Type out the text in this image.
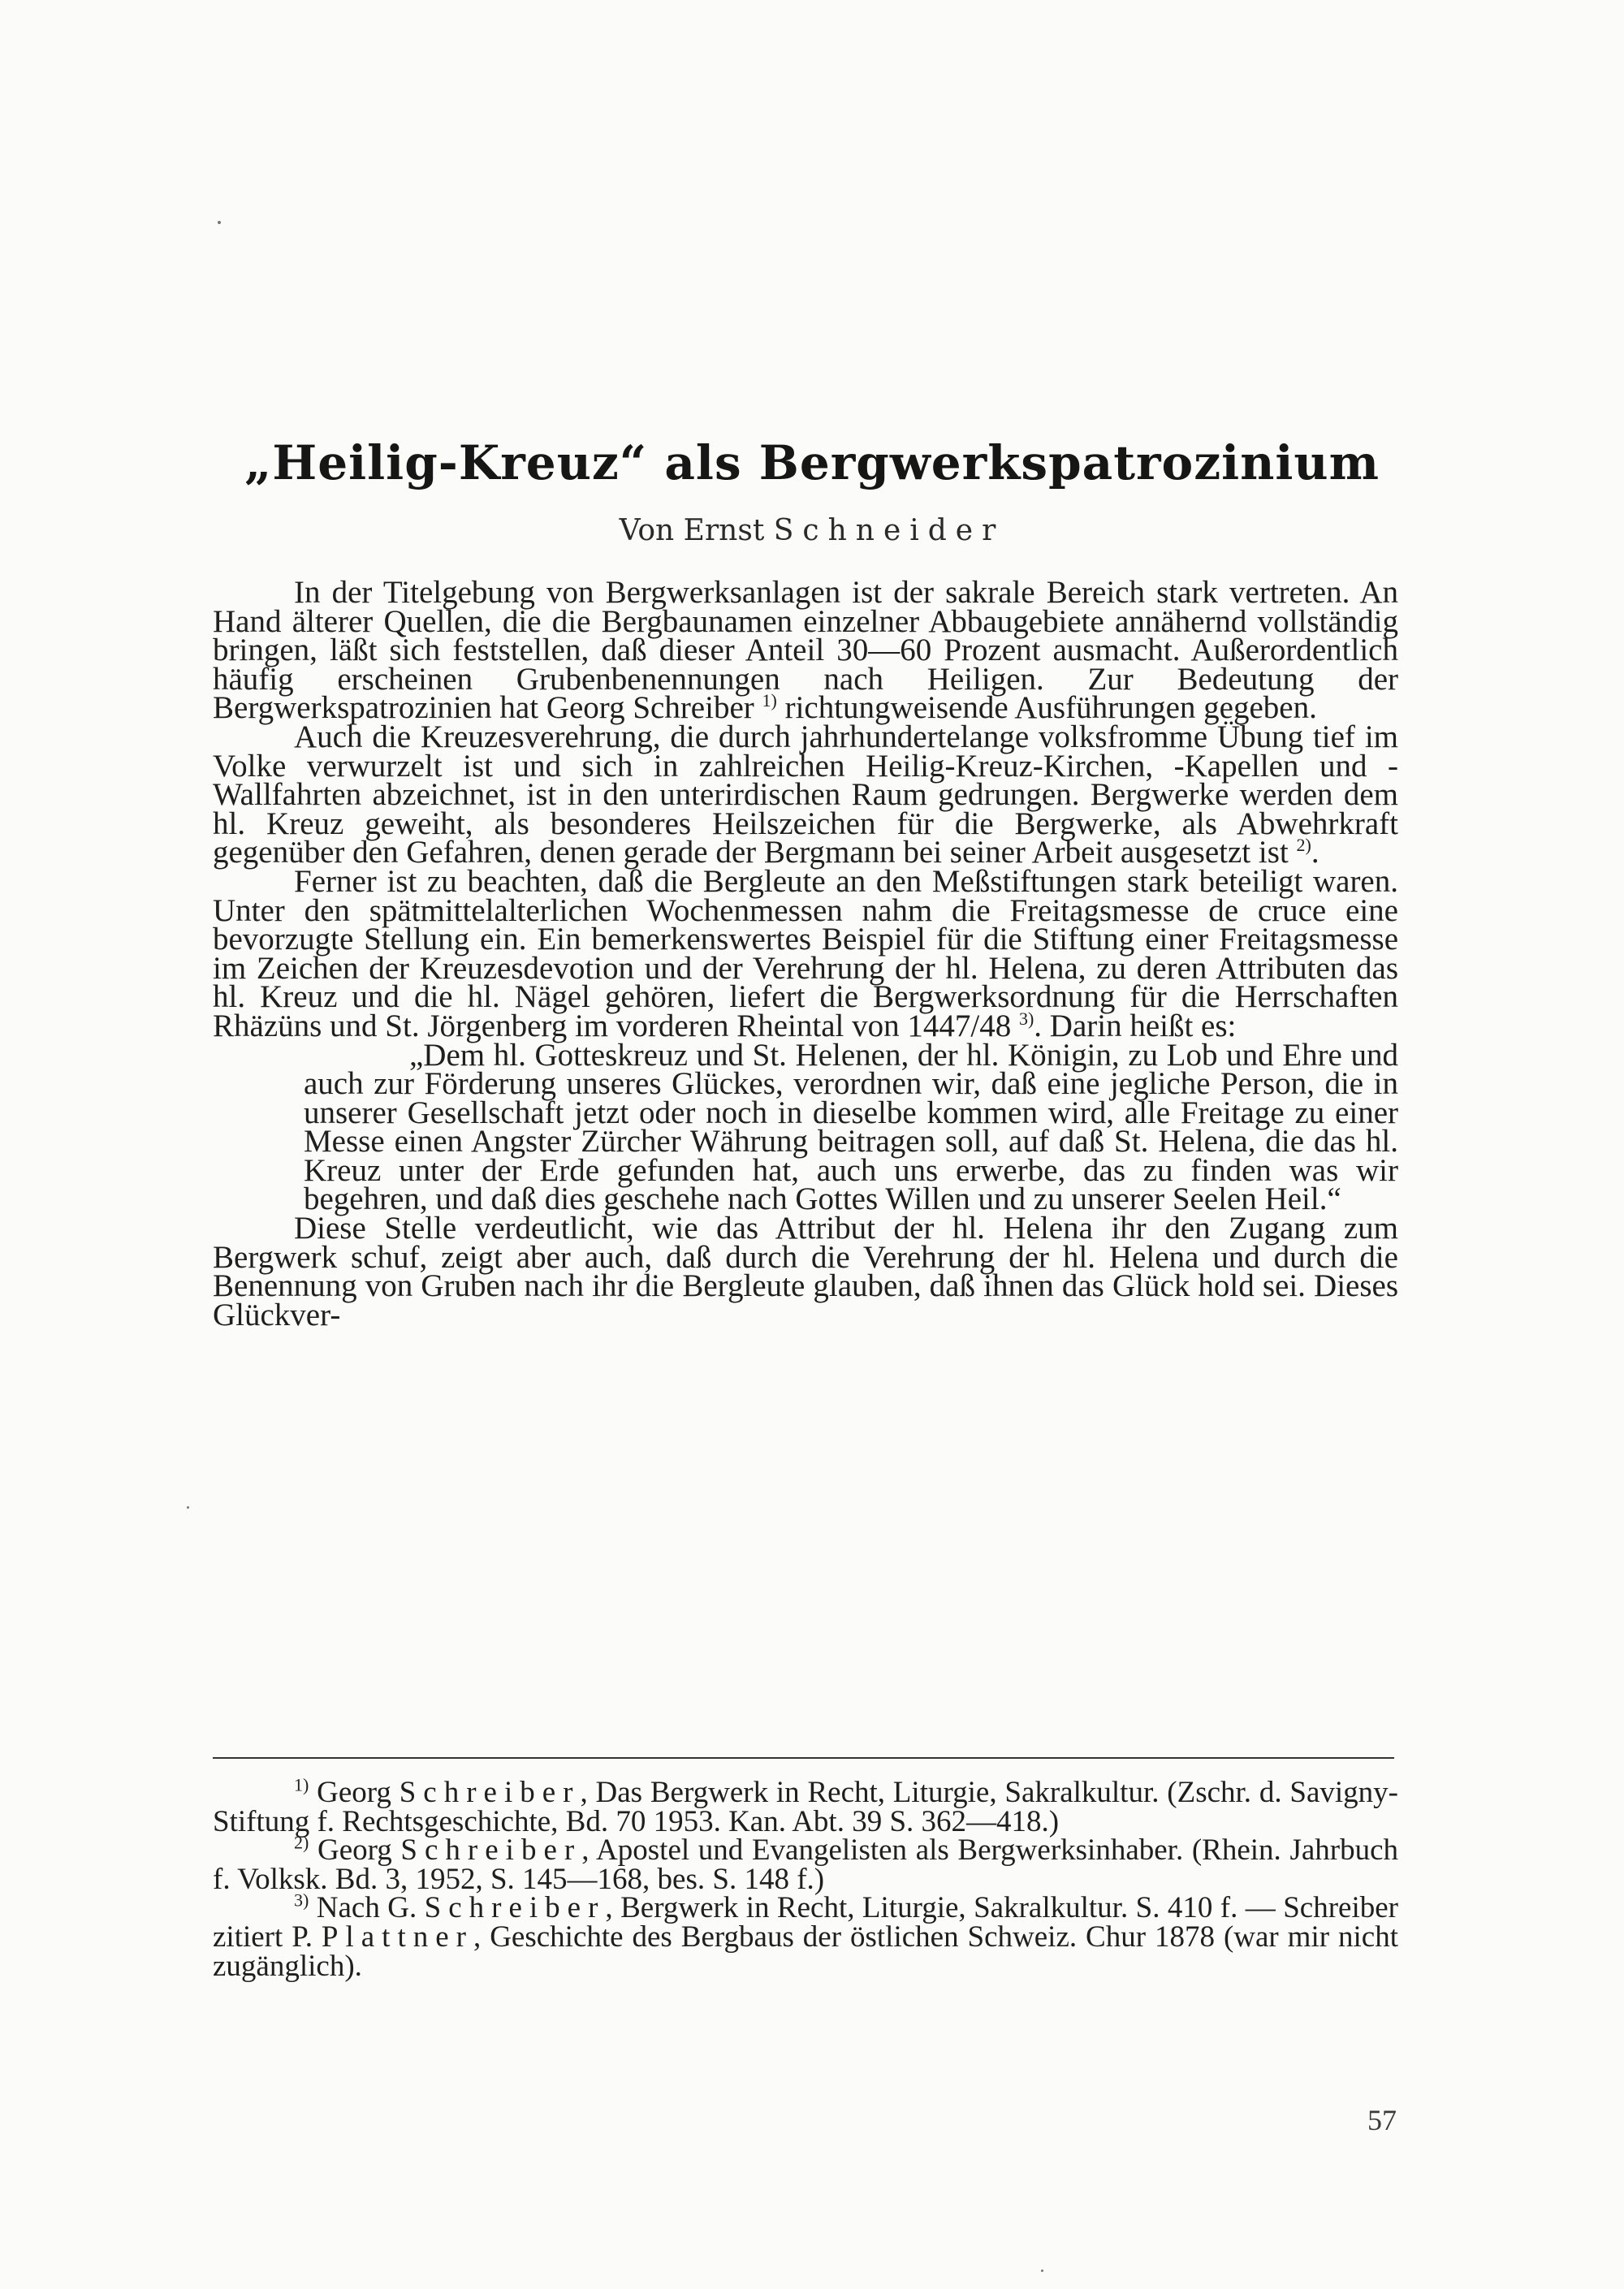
„Heilig-Kreuz“ als Bergwerkspatrozinium
Von Ernst Schneider

In der Titelgebung von Bergwerksanlagen ist der sakrale Bereich stark vertreten. An Hand älterer Quellen, die die Bergbaunamen einzelner Abbaugebiete annähernd vollständig bringen, läßt sich feststellen, daß dieser Anteil 30—60 Prozent ausmacht. Außerordentlich häufig erscheinen Grubenbenennungen nach Heiligen. Zur Bedeutung der Bergwerkspatrozinien hat Georg Schreiber $^{1)}$ richtungweisende Ausführungen gegeben.

Auch die Kreuzesverehrung, die durch jahrhundertelange volksfromme Übung tief im Volke verwurzelt ist und sich in zahlreichen Heilig-Kreuz-Kirchen, -Kapellen und -Wallfahrten abzeichnet, ist in den unterirdischen Raum gedrungen. Bergwerke werden dem hl. Kreuz geweiht, als besonderes Heilszeichen für die Bergwerke, als Abwehrkraft gegenüber den Gefahren, denen gerade der Bergmann bei seiner Arbeit ausgesetzt ist $^{2)}$.

Ferner ist zu beachten, daß die Bergleute an den Meßstiftungen stark beteiligt waren. Unter den spätmittelalterlichen Wochenmessen nahm die Freitagsmesse de cruce eine bevorzugte Stellung ein. Ein bemerkenswertes Beispiel für die Stiftung einer Freitagsmesse im Zeichen der Kreuzesdevotion und der Verehrung der hl. Helena, zu deren Attributen das hl. Kreuz und die hl. Nägel gehören, liefert die Bergwerksordnung für die Herrschaften Rhäzüns und St. Jörgenberg im vorderen Rheintal von 1447/48 $^{3)}$. Darin heißt es:

„Dem hl. Gotteskreuz und St. Helenen, der hl. Königin, zu Lob und Ehre und auch zur Förderung unseres Glückes, verordnen wir, daß eine jegliche Person, die in unserer Gesellschaft jetzt oder noch in dieselbe kommen wird, alle Freitage zu einer Messe einen Angster Zürcher Währung beitragen soll, auf daß St. Helena, die das hl. Kreuz unter der Erde gefunden hat, auch uns erwerbe, das zu finden was wir begehren, und daß dies geschehe nach Gottes Willen und zu unserer Seelen Heil.“

Diese Stelle verdeutlicht, wie das Attribut der hl. Helena ihr den Zugang zum Bergwerk schuf, zeigt aber auch, daß durch die Verehrung der hl. Helena und durch die Benennung von Gruben nach ihr die Bergleute glauben, daß ihnen das Glück hold sei. Dieses Glückver-

$^{1)}$ Georg Schreiber, Das Bergwerk in Recht, Liturgie, Sakralkultur. (Zschr. d. Savigny-Stiftung f. Rechtsgeschichte, Bd. 70 1953. Kan. Abt. 39 S. 362—418.)

$^{2)}$ Georg Schreiber, Apostel und Evangelisten als Bergwerksinhaber. (Rhein. Jahrbuch f. Volksk. Bd. 3, 1952, S. 145—168, bes. S. 148 f.)

$^{3)}$ Nach G. Schreiber, Bergwerk in Recht, Liturgie, Sakralkultur. S. 410 f. — Schreiber zitiert P. Plattner, Geschichte des Bergbaus der östlichen Schweiz. Chur 1878 (war mir nicht zugänglich).

57
